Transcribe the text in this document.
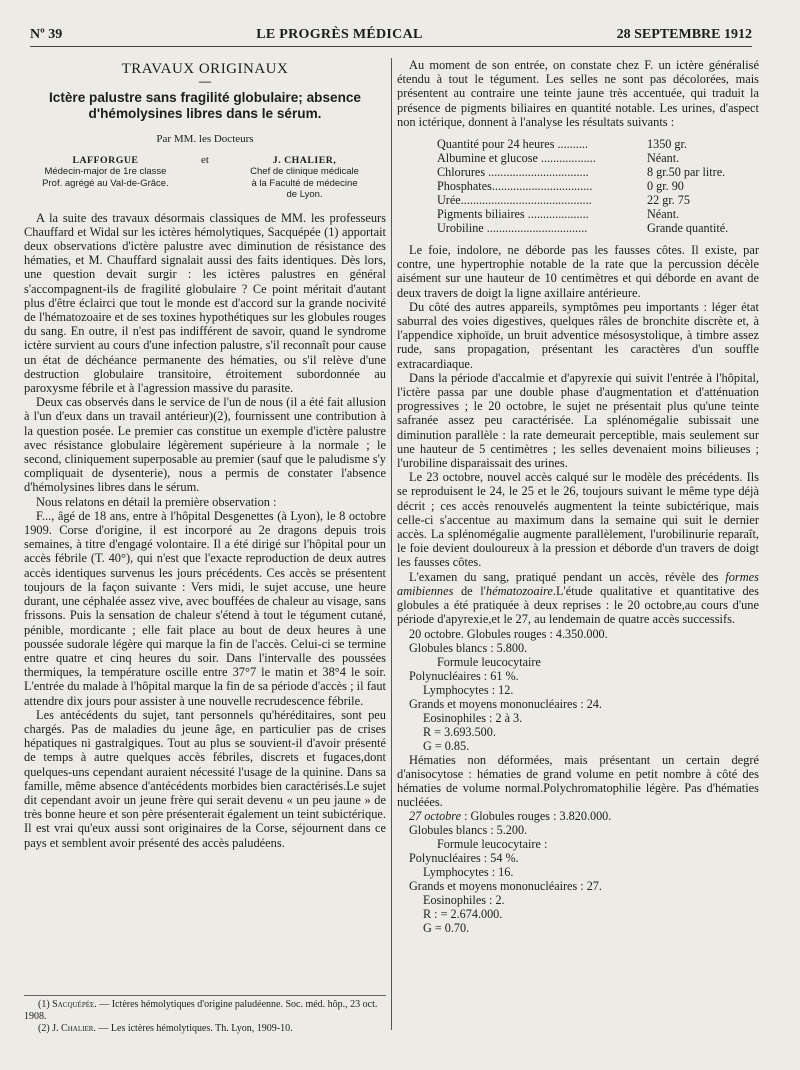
Nº 39	LE PROGRÈS MÉDICAL	28 SEPTEMBRE 1912
TRAVAUX ORIGINAUX
—
Ictère palustre sans fragilité globulaire; absence
d'hémolysines libres dans le sérum.
Par MM. les Docteurs
LAFFORGUE
Médecin-major de 1re classe
Prof. agrégé au Val-de-Grâce.
et	J. CHALIER,
Chef de clinique médicale
à la Faculté de médecine
de Lyon.

A la suite des travaux désormais classiques de MM. les professeurs Chauffard et Widal sur les ictères hémolytiques, Sacquépée (1) apportait deux observations d'ictère palustre avec diminution de résistance des hématies, et M. Chauffard signalait aussi des faits identiques. Dès lors, une question devait surgir : les ictères palustres en général s'accompagnent-ils de fragilité globulaire ? Ce point méritait d'autant plus d'être éclairci que tout le monde est d'accord sur la grande nocivité de l'hématozoaire et de ses toxines hypothétiques sur les globules rouges du sang. En outre, il n'est pas indifférent de savoir, quand le syndrome ictère survient au cours d'une infection palustre, s'il reconnaît pour cause un état de déchéance permanente des hématies, ou s'il relève d'une destruction globulaire transitoire, étroitement subordonnée au paroxysme fébrile et à l'agression massive du parasite.

Deux cas observés dans le service de l'un de nous (il a été fait allusion à l'un d'eux dans un travail antérieur)(2), fournissent une contribution à la question posée. Le premier cas constitue un exemple d'ictère palustre avec résistance globulaire légèrement supérieure à la normale ; le second, cliniquement superposable au premier (sauf que le paludisme s'y compliquait de dysenterie), nous a permis de constater l'absence d'hémolysines libres dans le sérum.

Nous relatons en détail la première observation :

F..., âgé de 18 ans, entre à l'hôpital Desgenettes (à Lyon), le 8 octobre 1909. Corse d'origine, il est incorporé au 2e dragons depuis trois semaines, à titre d'engagé volontaire. Il a été dirigé sur l'hôpital pour un accès fébrile (T. 40°), qui n'est que l'exacte reproduction de deux autres accès identiques survenus les jours précédents. Ces accès se présentent toujours de la façon suivante : Vers midi, le sujet accuse, une heure durant, une céphalée assez vive, avec bouffées de chaleur au visage, sans frissons. Puis la sensation de chaleur s'étend à tout le tégument cutané, pénible, mordicante ; elle fait place au bout de deux heures à une poussée sudorale légère qui marque la fin de l'accès. Celui-ci se termine entre quatre et cinq heures du soir. Dans l'intervalle des poussées thermiques, la température oscille entre 37°7 le matin et 38°4 le soir. L'entrée du malade à l'hôpital marque la fin de sa période d'accès ; il faut attendre dix jours pour assister à une nouvelle recrudescence fébrile.

Les antécédents du sujet, tant personnels qu'héréditaires, sont peu chargés. Pas de maladies du jeune âge, en particulier pas de crises hépatiques ni gastralgiques. Tout au plus se souvient-il d'avoir présenté de temps à autre quelques accès fébriles, discrets et fugaces,dont quelques-uns cependant auraient nécessité l'usage de la quinine. Dans sa famille, même absence d'antécédents morbides bien caractérisés.Le sujet dit cependant avoir un jeune frère qui serait devenu « un peu jaune » de très bonne heure et son père présenterait également un teint subictérique. Il est vrai qu'eux aussi sont originaires de la Corse, séjournent dans ce pays et semblent avoir présenté des accès paludéens.

(1) Sacquépée. — Ictères hémolytiques d'origine paludéenne. Soc. méd. hôp., 23 oct. 1908.

(2) J. Chalier. — Les ictères hémolytiques. Th. Lyon, 1909-10.

Au moment de son entrée, on constate chez F. un ictère généralisé étendu à tout le tégument. Les selles ne sont pas décolorées, mais présentent au contraire une teinte jaune très accentuée, qui traduit la présence de pigments biliaires en quantité notable. Les urines, d'aspect non ictérique, donnent à l'analyse les résultats suivants :

Quantité pour 24 heures ..........	1350 gr.
Albumine et glucose ..................	Néant.
Chlorures .................................	8 gr.50 par litre.
Phosphates.................................	0 gr. 90
Urée...........................................	22 gr. 75
Pigments biliaires ....................	Néant.
Urobiline .................................	Grande quantité.

Le foie, indolore, ne déborde pas les fausses côtes. Il existe, par contre, une hypertrophie notable de la rate que la percussion décèle aisément sur une hauteur de 10 centimètres et qui déborde en avant de deux travers de doigt la ligne axillaire antérieure.

Du côté des autres appareils, symptômes peu importants : léger état saburral des voies digestives, quelques râles de bronchite discrète et, à l'appendice xiphoïde, un bruit adventice mésosystolique, à timbre assez rude, sans propagation, présentant les caractères d'un souffle extracardiaque.

Dans la période d'accalmie et d'apyrexie qui suivit l'entrée à l'hôpital, l'ictère passa par une double phase d'augmentation et d'atténuation progressives ; le 20 octobre, le sujet ne présentait plus qu'une teinte safranée assez peu caractérisée. La splénomégalie subissait une diminution parallèle : la rate demeurait perceptible, mais seulement sur une hauteur de 5 centimètres ; les selles devenaient moins bilieuses ; l'urobiline disparaissait des urines.

Le 23 octobre, nouvel accès calqué sur le modèle des précédents. Ils se reproduisent le 24, le 25 et le 26, toujours suivant le même type déjà décrit ; ces accès renouvelés augmentent la teinte subictérique, mais celle-ci s'accentue au maximum dans la semaine qui suit le dernier accès. La splénomégalie augmente parallèlement, l'urobilinurie reparaît, le foie devient douloureux à la pression et déborde d'un travers de doigt les fausses côtes.

L'examen du sang, pratiqué pendant un accès, révèle des formes amibiennes de l'hématozoaire.L'étude qualitative et quantitative des globules a été pratiquée à deux reprises : le 20 octobre,au cours d'une période d'apyrexie,et le 27, au lendemain de quatre accès successifs.

20 octobre. Globules rouges : 4.350.000.
Globules blancs : 5.800.
Formule leucocytaire
Polynucléaires : 61 %.
Lymphocytes : 12.
Grands et moyens mononucléaires : 24.
Eosinophiles : 2 à 3.
R = 3.693.500.
G = 0.85.

Hématies non déformées, mais présentant un certain degré d'anisocytose : hématies de grand volume en petit nombre à côté des hématies de volume normal.Polychromatophilie légère. Pas d'hématies nucléées.

27 octobre : Globules rouges : 3.820.000.
Globules blancs : 5.200.
Formule leucocytaire :
Polynucléaires : 54 %.
Lymphocytes : 16.
Grands et moyens mononucléaires : 27.
Eosinophiles : 2.
R : = 2.674.000.
G = 0.70.
